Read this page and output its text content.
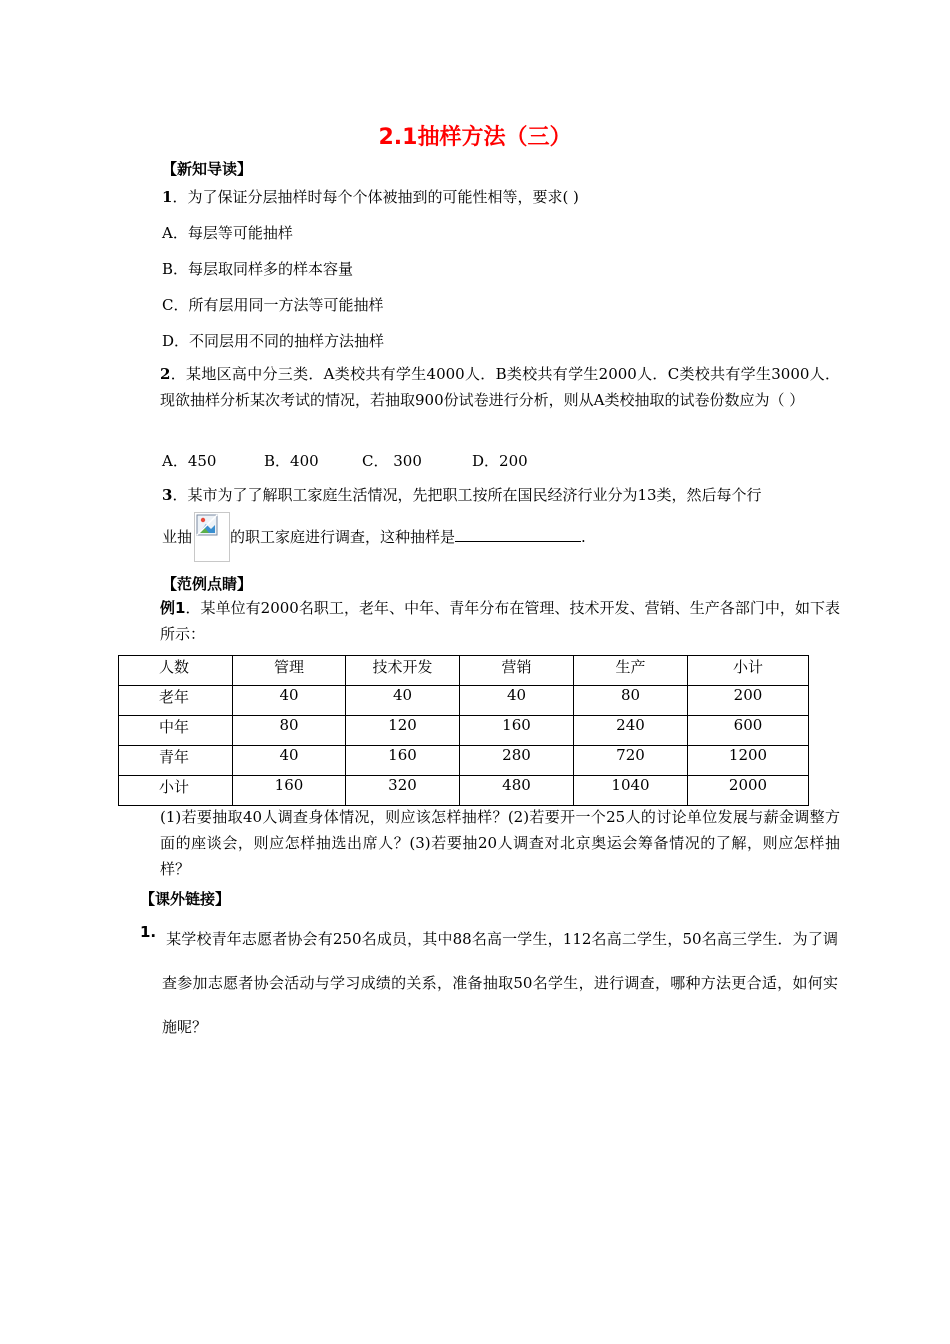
2.1抽样方法（三）
【新知导读】
1．为了保证分层抽样时每个个体被抽到的可能性相等，要求( )
A．每层等可能抽样
B．每层取同样多的样本容量
C．所有层用同一方法等可能抽样
D．不同层用不同的抽样方法抽样
2．某地区高中分三类．A类校共有学生4000人．B类校共有学生2000人．C类校共有学生3000人．现欲抽样分析某次考试的情况，若抽取900份试卷进行分析，则从A类校抽取的试卷份数应为（ ）
A．450	B．400	C． 300	D．200
3．某市为了了解职工家庭生活情况，先把职工按所在国民经济行业分为13类，然后每个行
业抽	的职工家庭进行调查，这种抽样是	.
【范例点睛】
例1．某单位有2000名职工，老年、中年、青年分布在管理、技术开发、营销、生产各部门中，如下表所示：
人数	管理	技术开发	营销	生产	小计
老年	40	40	40	80	200
中年	80	120	160	240	600
青年	40	160	280	720	1200
小计	160	320	480	1040	2000
(1)若要抽取40人调查身体情况，则应该怎样抽样？(2)若要开一个25人的讨论单位发展与薪金调整方面的座谈会，则应怎样抽选出席人？(3)若要抽20人调查对北京奥运会筹备情况的了解，则应怎样抽样？
【课外链接】
1. 某学校青年志愿者协会有250名成员，其中88名高一学生，112名高二学生，50名高三学生．为了调查参加志愿者协会活动与学习成绩的关系，准备抽取50名学生，进行调查，哪种方法更合适，如何实施呢？
